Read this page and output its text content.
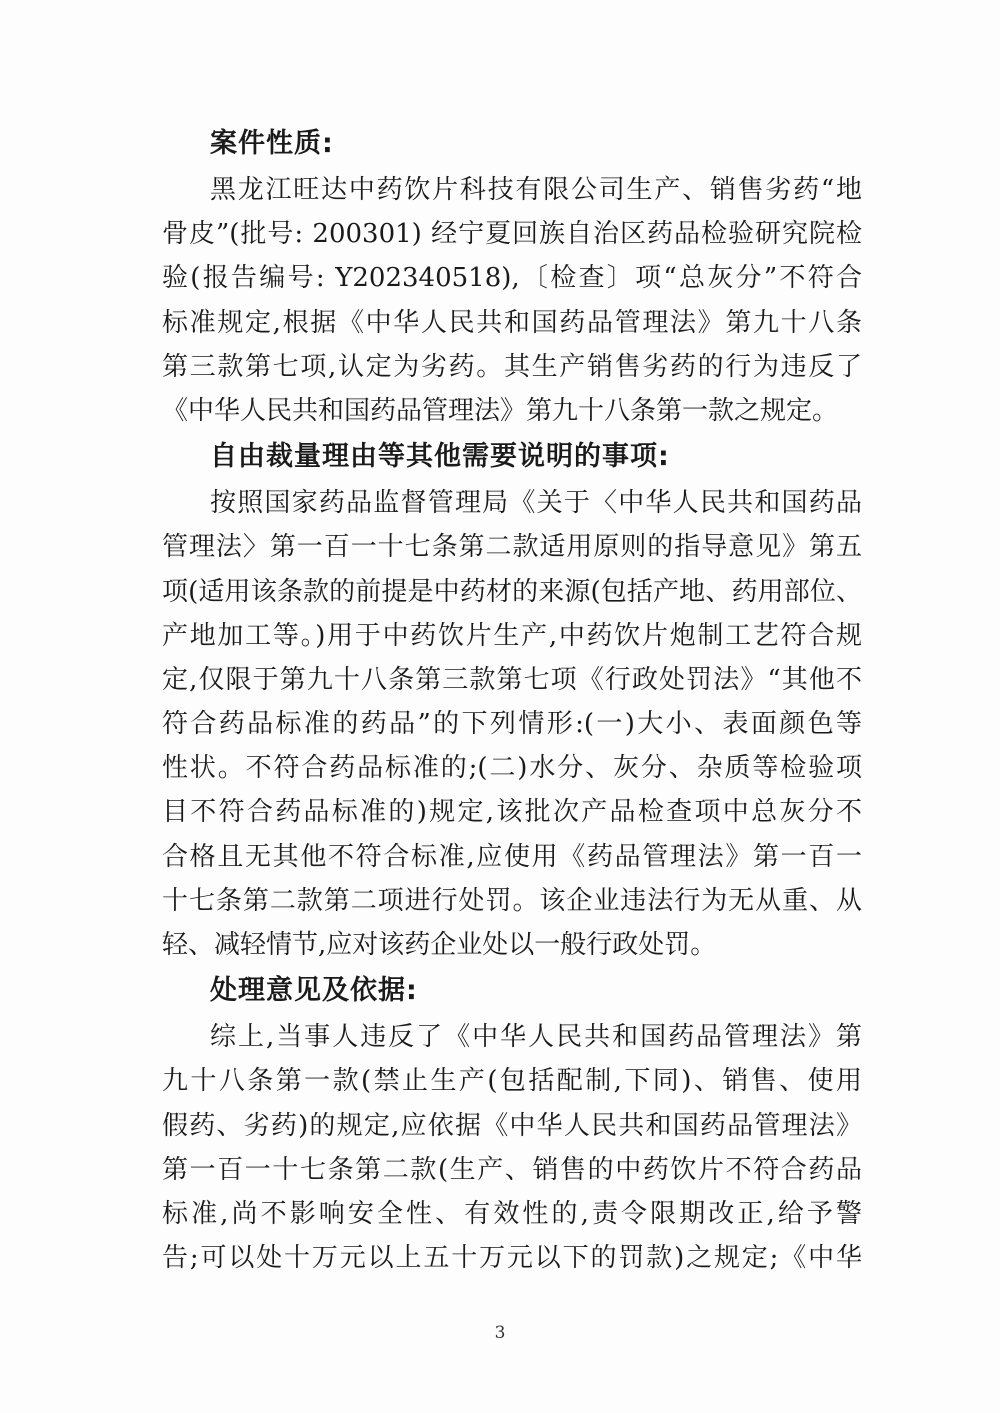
案件性质:
黑龙江旺达中药饮片科技有限公司生产、销售劣药“地
骨皮”(批号: 200301) 经宁夏回族自治区药品检验研究院检
验(报告编号: Y202340518),〔检查〕项“总灰分”不符合
标准规定,根据《中华人民共和国药品管理法》第九十八条
第三款第七项,认定为劣药。其生产销售劣药的行为违反了
《中华人民共和国药品管理法》第九十八条第一款之规定。
自由裁量理由等其他需要说明的事项:
按照国家药品监督管理局《关于〈中华人民共和国药品
管理法〉第一百一十七条第二款适用原则的指导意见》第五
项(适用该条款的前提是中药材的来源(包括产地、药用部位、
产地加工等。)用于中药饮片生产,中药饮片炮制工艺符合规
定,仅限于第九十八条第三款第七项《行政处罚法》“其他不
符合药品标准的药品”的下列情形:(一)大小、表面颜色等
性状。不符合药品标准的;(二)水分、灰分、杂质等检验项
目不符合药品标准的)规定,该批次产品检查项中总灰分不
合格且无其他不符合标准,应使用《药品管理法》第一百一
十七条第二款第二项进行处罚。该企业违法行为无从重、从
轻、减轻情节,应对该药企业处以一般行政处罚。
处理意见及依据:
综上,当事人违反了《中华人民共和国药品管理法》第
九十八条第一款(禁止生产(包括配制,下同)、销售、使用
假药、劣药)的规定,应依据《中华人民共和国药品管理法》
第一百一十七条第二款(生产、销售的中药饮片不符合药品
标准,尚不影响安全性、有效性的,责令限期改正,给予警
告;可以处十万元以上五十万元以下的罚款)之规定;《中华
3
